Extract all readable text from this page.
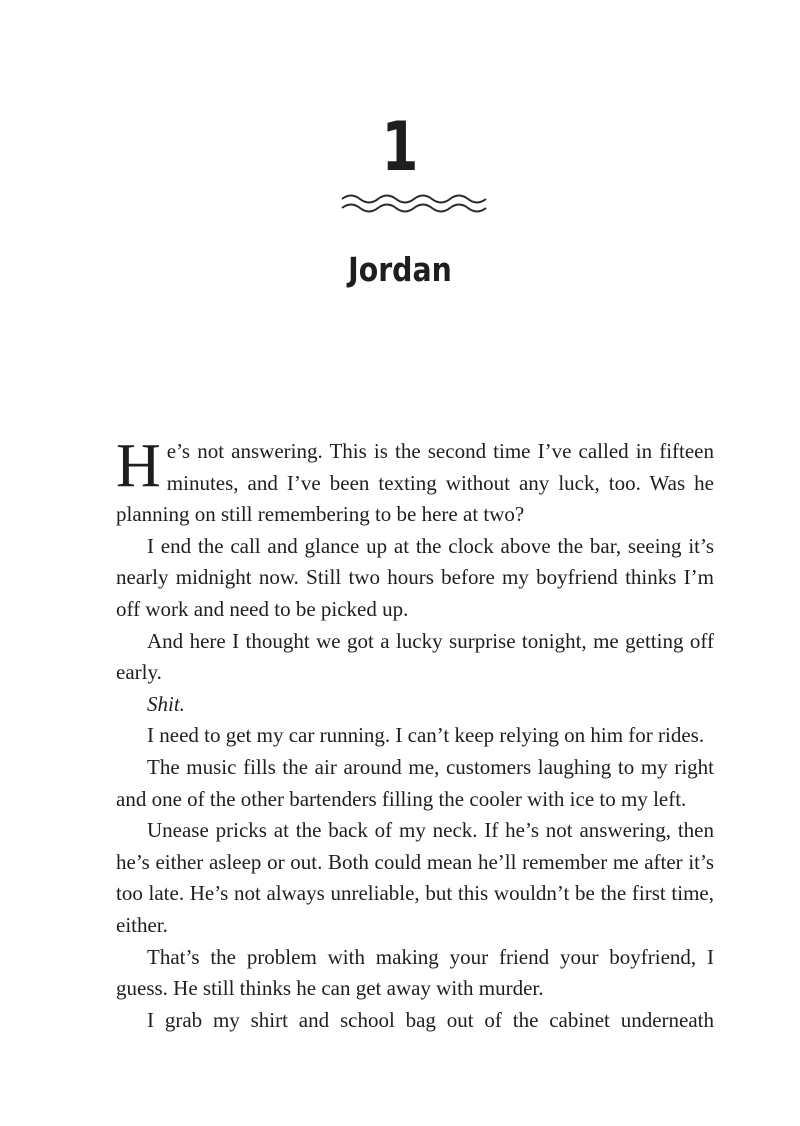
1
Jordan

He’s not answering. This is the second time I’ve called in fifteen minutes, and I’ve been texting without any luck, too. Was he planning on still remembering to be here at two?

I end the call and glance up at the clock above the bar, seeing it’s nearly midnight now. Still two hours before my boyfriend thinks I’m off work and need to be picked up.

And here I thought we got a lucky surprise tonight, me getting off early.

Shit.

I need to get my car running. I can’t keep relying on him for rides.

The music fills the air around me, customers laughing to my right and one of the other bartenders filling the cooler with ice to my left.

Unease pricks at the back of my neck. If he’s not answering, then he’s either asleep or out. Both could mean he’ll remember me after it’s too late. He’s not always unreliable, but this wouldn’t be the first time, either.

That’s the problem with making your friend your boyfriend, I guess. He still thinks he can get away with murder.

I grab my shirt and school bag out of the cabinet underneath
